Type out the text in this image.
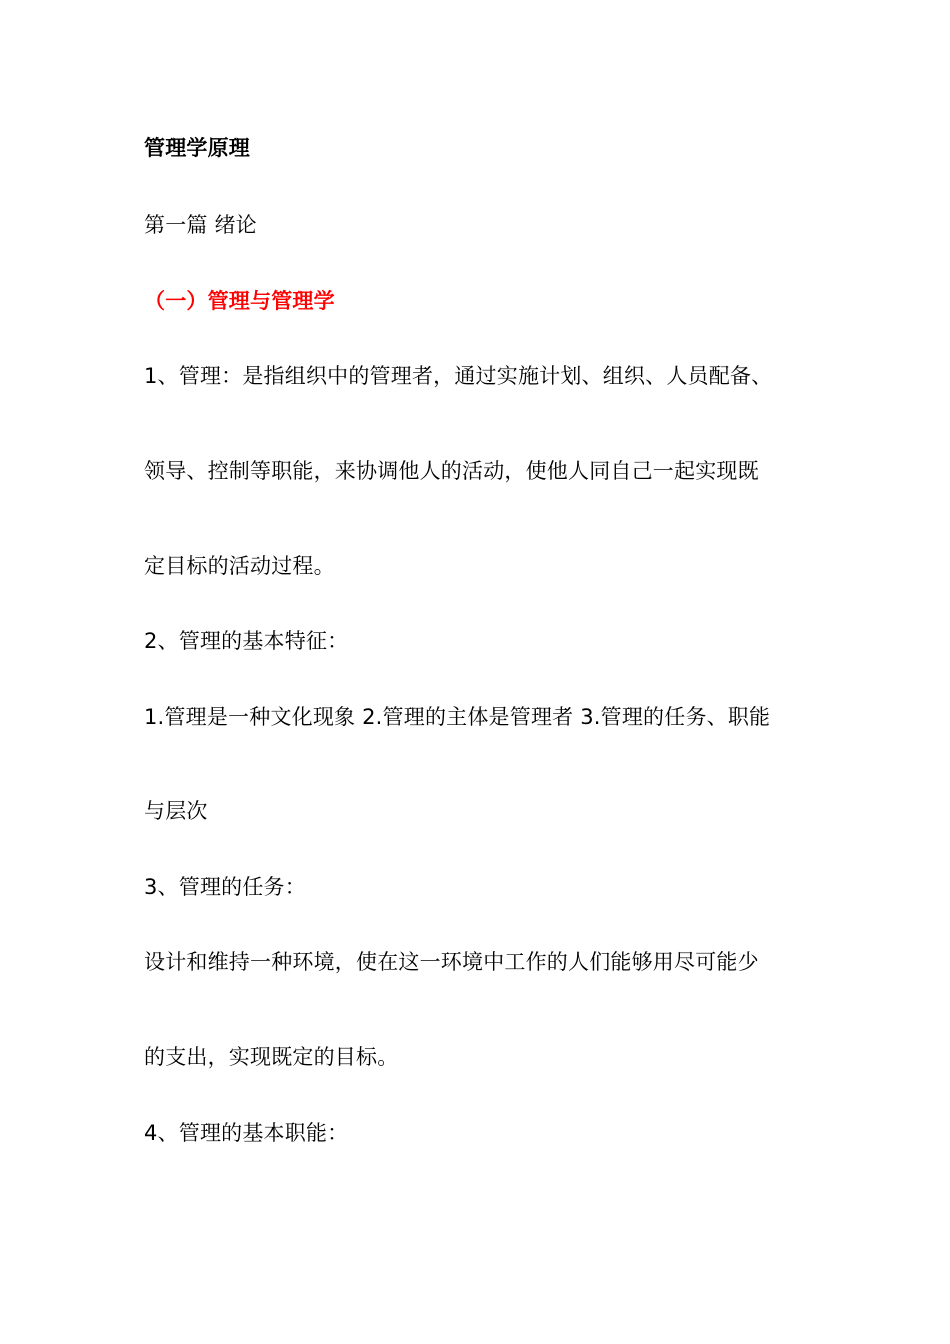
管理学原理
第一篇 绪论
（一）管理与管理学
1、管理：是指组织中的管理者，通过实施计划、组织、人员配备、
领导、控制等职能，来协调他人的活动，使他人同自己一起实现既
定目标的活动过程。
2、管理的基本特征：
1.管理是一种文化现象 2.管理的主体是管理者 3.管理的任务、职能
与层次
3、管理的任务：
设计和维持一种环境，使在这一环境中工作的人们能够用尽可能少
的支出，实现既定的目标。
4、管理的基本职能：
